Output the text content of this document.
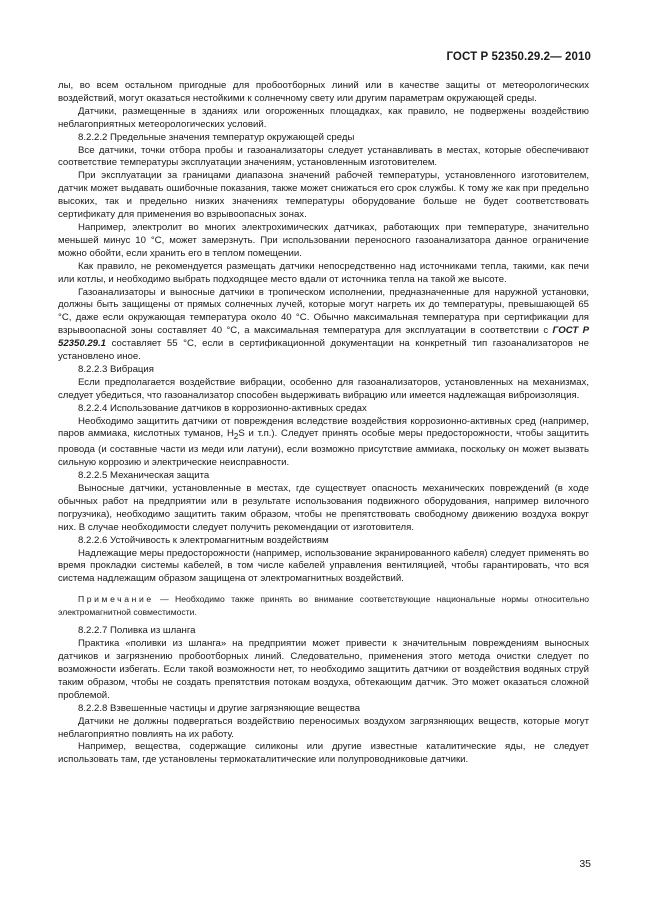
ГОСТ Р 52350.29.2— 2010

лы, во всем остальном пригодные для пробоотборных линий или в качестве защиты от метеорологических воздействий, могут оказаться нестойкими к солнечному свету или другим параметрам окружающей среды.

Датчики, размещенные в зданиях или огороженных площадках, как правило, не подвержены воздействию неблагоприятных метеорологических условий.

8.2.2.2 Предельные значения температур окружающей среды

Все датчики, точки отбора пробы и газоанализаторы следует устанавливать в местах, которые обеспечивают соответствие температуры эксплуатации значениям, установленным изготовителем.

При эксплуатации за границами диапазона значений рабочей температуры, установленного изготовителем, датчик может выдавать ошибочные показания, также может снижаться его срок службы. К тому же как при предельно высоких, так и предельно низких значениях температуры оборудование больше не будет соответствовать сертификату для применения во взрывоопасных зонах.

Например, электролит во многих электрохимических датчиках, работающих при температуре, значительно меньшей минус 10 °С, может замерзнуть. При использовании переносного газоанализатора данное ограничение можно обойти, если хранить его в теплом помещении.

Как правило, не рекомендуется размещать датчики непосредственно над источниками тепла, такими, как печи или котлы, и необходимо выбрать подходящее место вдали от источника тепла на такой же высоте.

Газоанализаторы и выносные датчики в тропическом исполнении, предназначенные для наружной установки, должны быть защищены от прямых солнечных лучей, которые могут нагреть их до температуры, превышающей 65 °С, даже если окружающая температура около 40 °С. Обычно максимальная температура при сертификации для взрывоопасной зоны составляет 40 °С, а максимальная температура для эксплуатации в соответствии с ГОСТ Р 52350.29.1 составляет 55 °С, если в сертификационной документации на конкретный тип газоанализаторов не установлено иное.

8.2.2.3 Вибрация

Если предполагается воздействие вибрации, особенно для газоанализаторов, установленных на механизмах, следует убедиться, что газоанализатор способен выдерживать вибрацию или имеется надлежащая виброизоляция.

8.2.2.4 Использование датчиков в коррозионно-активных средах

Необходимо защитить датчики от повреждения вследствие воздействия коррозионно-активных сред (например, паров аммиака, кислотных туманов, $H_2S$ и т.п.). Следует принять особые меры предосторожности, чтобы защитить провода (и составные части из меди или латуни), если возможно присутствие аммиака, поскольку он может вызвать сильную коррозию и электрические неисправности.

8.2.2.5 Механическая защита

Выносные датчики, установленные в местах, где существует опасность механических повреждений (в ходе обычных работ на предприятии или в результате использования подвижного оборудования, например вилочного погрузчика), необходимо защитить таким образом, чтобы не препятствовать свободному движению воздуха вокруг них. В случае необходимости следует получить рекомендации от изготовителя.

8.2.2.6 Устойчивость к электромагнитным воздействиям

Надлежащие меры предосторожности (например, использование экранированного кабеля) следует применять во время прокладки системы кабелей, в том числе кабелей управления вентиляцией, чтобы гарантировать, что вся система надлежащим образом защищена от электромагнитных воздействий.

Примечание — Необходимо также принять во внимание соответствующие национальные нормы относительно электромагнитной совместимости.

8.2.2.7 Поливка из шланга

Практика «поливки из шланга» на предприятии может привести к значительным повреждениям выносных датчиков и загрязнению пробоотборных линий. Следовательно, применения этого метода очистки следует по возможности избегать. Если такой возможности нет, то необходимо защитить датчики от воздействия водяных струй таким образом, чтобы не создать препятствия потокам воздуха, обтекающим датчик. Это может оказаться сложной проблемой.

8.2.2.8 Взвешенные частицы и другие загрязняющие вещества

Датчики не должны подвергаться воздействию переносимых воздухом загрязняющих веществ, которые могут неблагоприятно повлиять на их работу.

Например, вещества, содержащие силиконы или другие известные каталитические яды, не следует использовать там, где установлены термокаталитические или полупроводниковые датчики.

35
